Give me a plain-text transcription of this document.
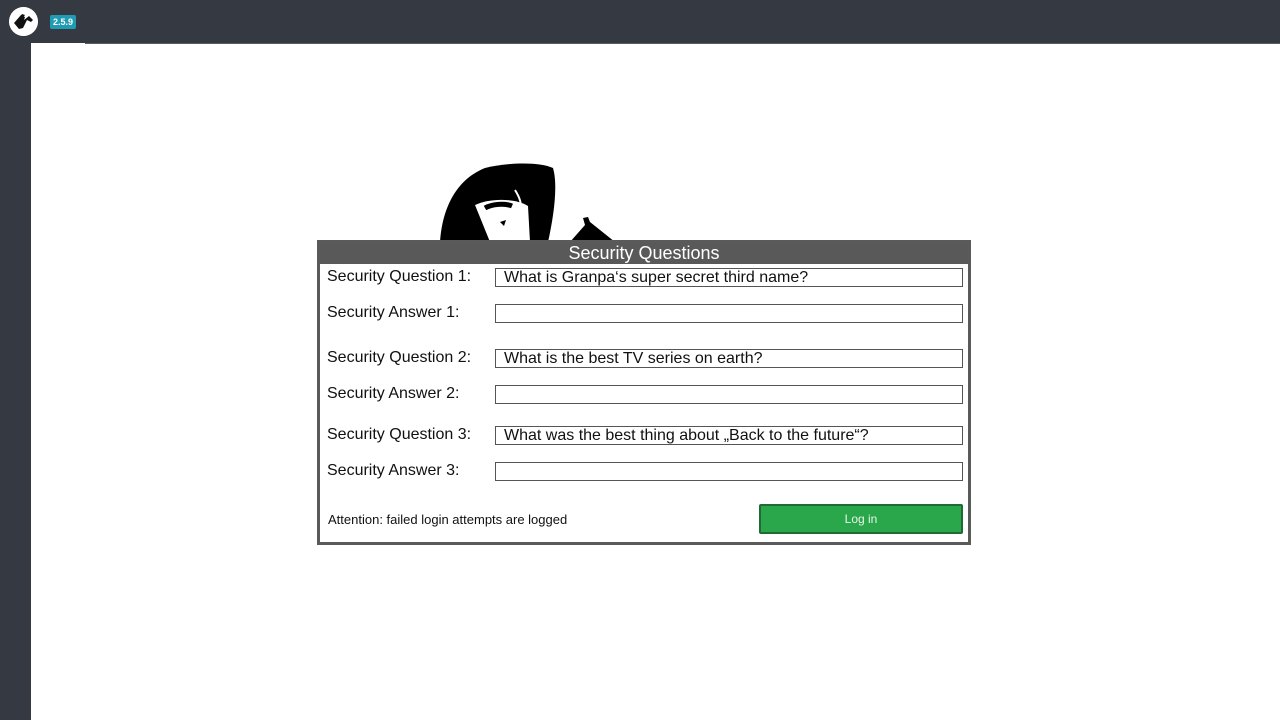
2.5.9
Security Questions
Security Question 1:	What is Granpa‘s super secret third name?
Security Answer 1:
Security Question 2:	What is the best TV series on earth?
Security Answer 2:
Security Question 3:	What was the best thing about „Back to the future“?
Security Answer 3:
Attention: failed login attempts are logged	Log in
